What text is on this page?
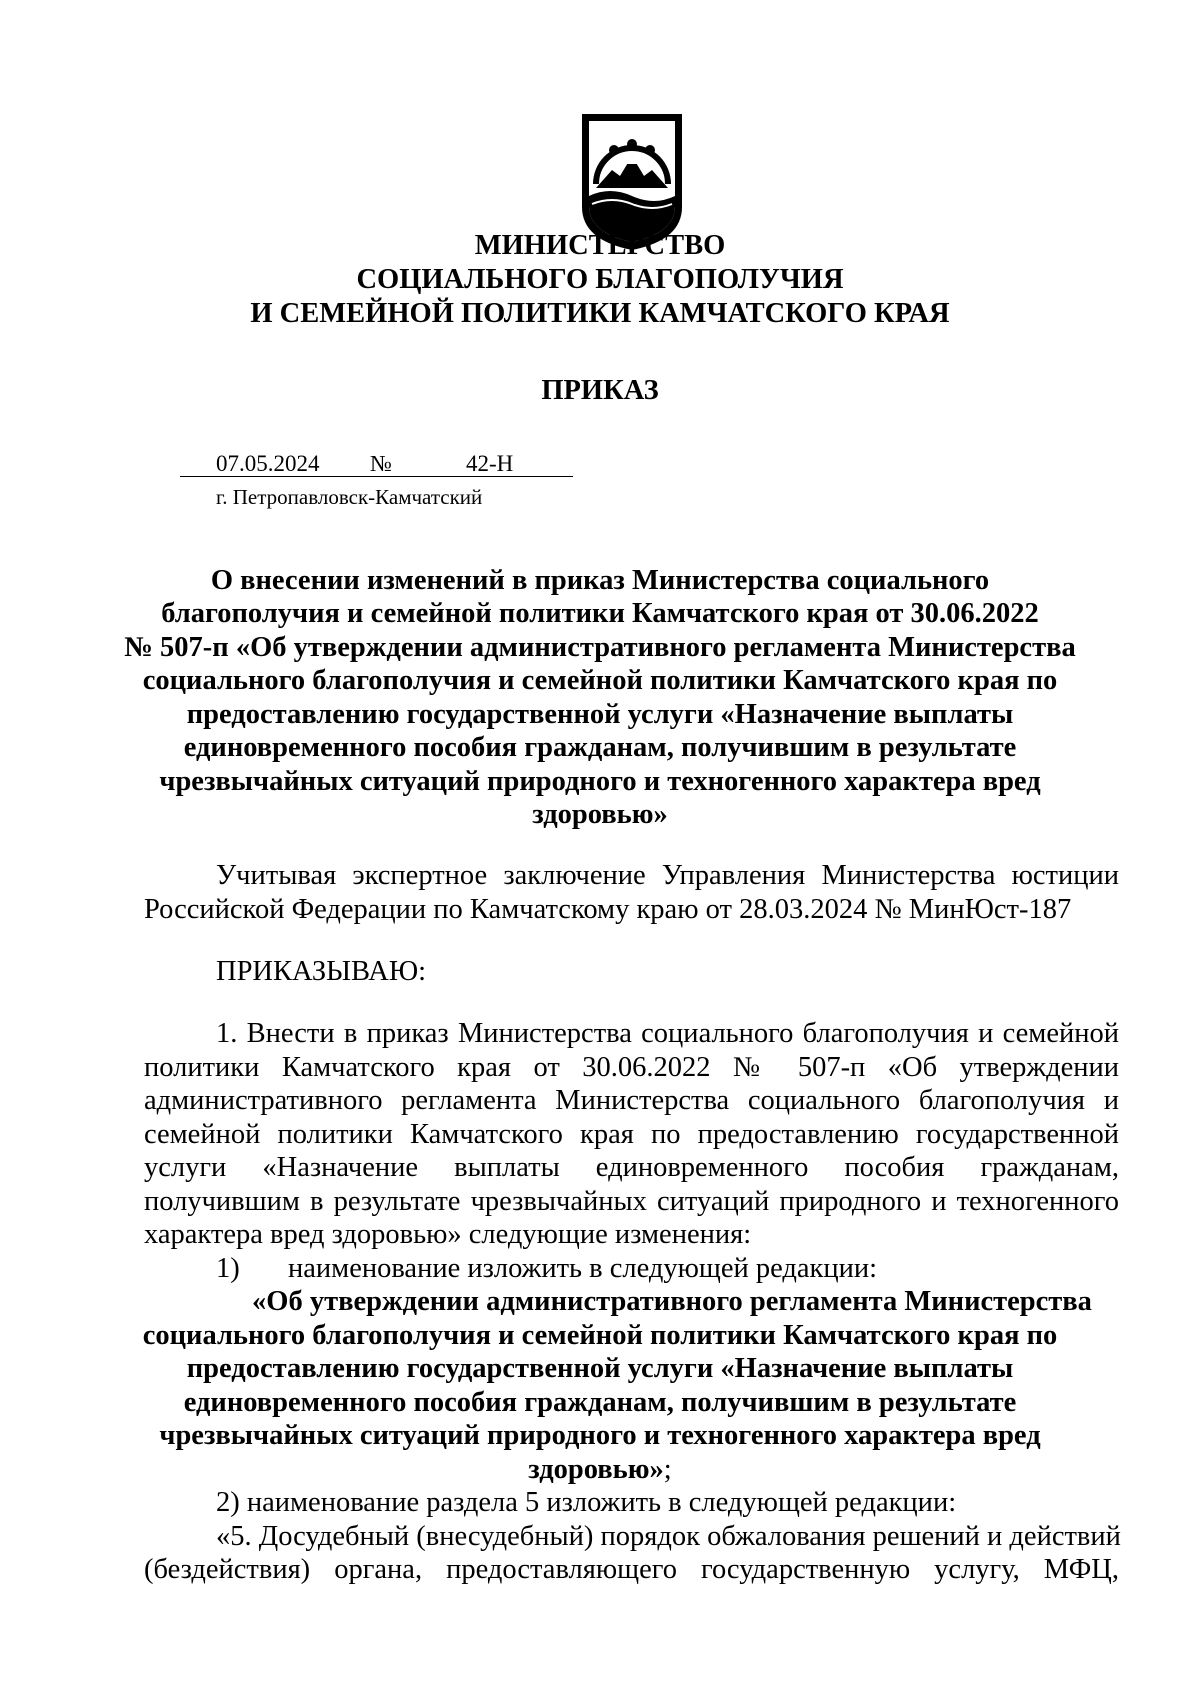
МИНИСТЕРСТВО
СОЦИАЛЬНОГО БЛАГОПОЛУЧИЯ
И СЕМЕЙНОЙ ПОЛИТИКИ КАМЧАТСКОГО КРАЯ
ПРИКАЗ
07.05.2024 №	42-Н
г. Петропавловск-Камчатский
О внесении изменений в приказ Министерства социального
благополучия и семейной политики Камчатского края от 30.06.2022
№ 507-п «Об утверждении административного регламента Министерства
социального благополучия и семейной политики Камчатского края по
предоставлению государственной услуги «Назначение выплаты
единовременного пособия гражданам, получившим в результате
чрезвычайных ситуаций природного и техногенного характера вред
здоровью»
Учитывая экспертное заключение Управления Министерства юстиции
Российской Федерации по Камчатскому краю от 28.03.2024 № МинЮст-187
ПРИКАЗЫВАЮ:
1. Внести в приказ Министерства социального благополучия и семейной
политики Камчатского края от 30.06.2022 № 507-п «Об утверждении
административного регламента Министерства социального благополучия и
семейной политики Камчатского края по предоставлению государственной
услуги «Назначение выплаты единовременного пособия гражданам,
получившим в результате чрезвычайных ситуаций природного и техногенного
характера вред здоровью» следующие изменения:
1) наименование изложить в следующей редакции:
«Об утверждении административного регламента Министерства
социального благополучия и семейной политики Камчатского края по
предоставлению государственной услуги «Назначение выплаты
единовременного пособия гражданам, получившим в результате
чрезвычайных ситуаций природного и техногенного характера вред
здоровью»;
2) наименование раздела 5 изложить в следующей редакции:
«5. Досудебный (внесудебный) порядок обжалования решений и действий
(бездействия) органа, предоставляющего государственную услугу, МФЦ,
